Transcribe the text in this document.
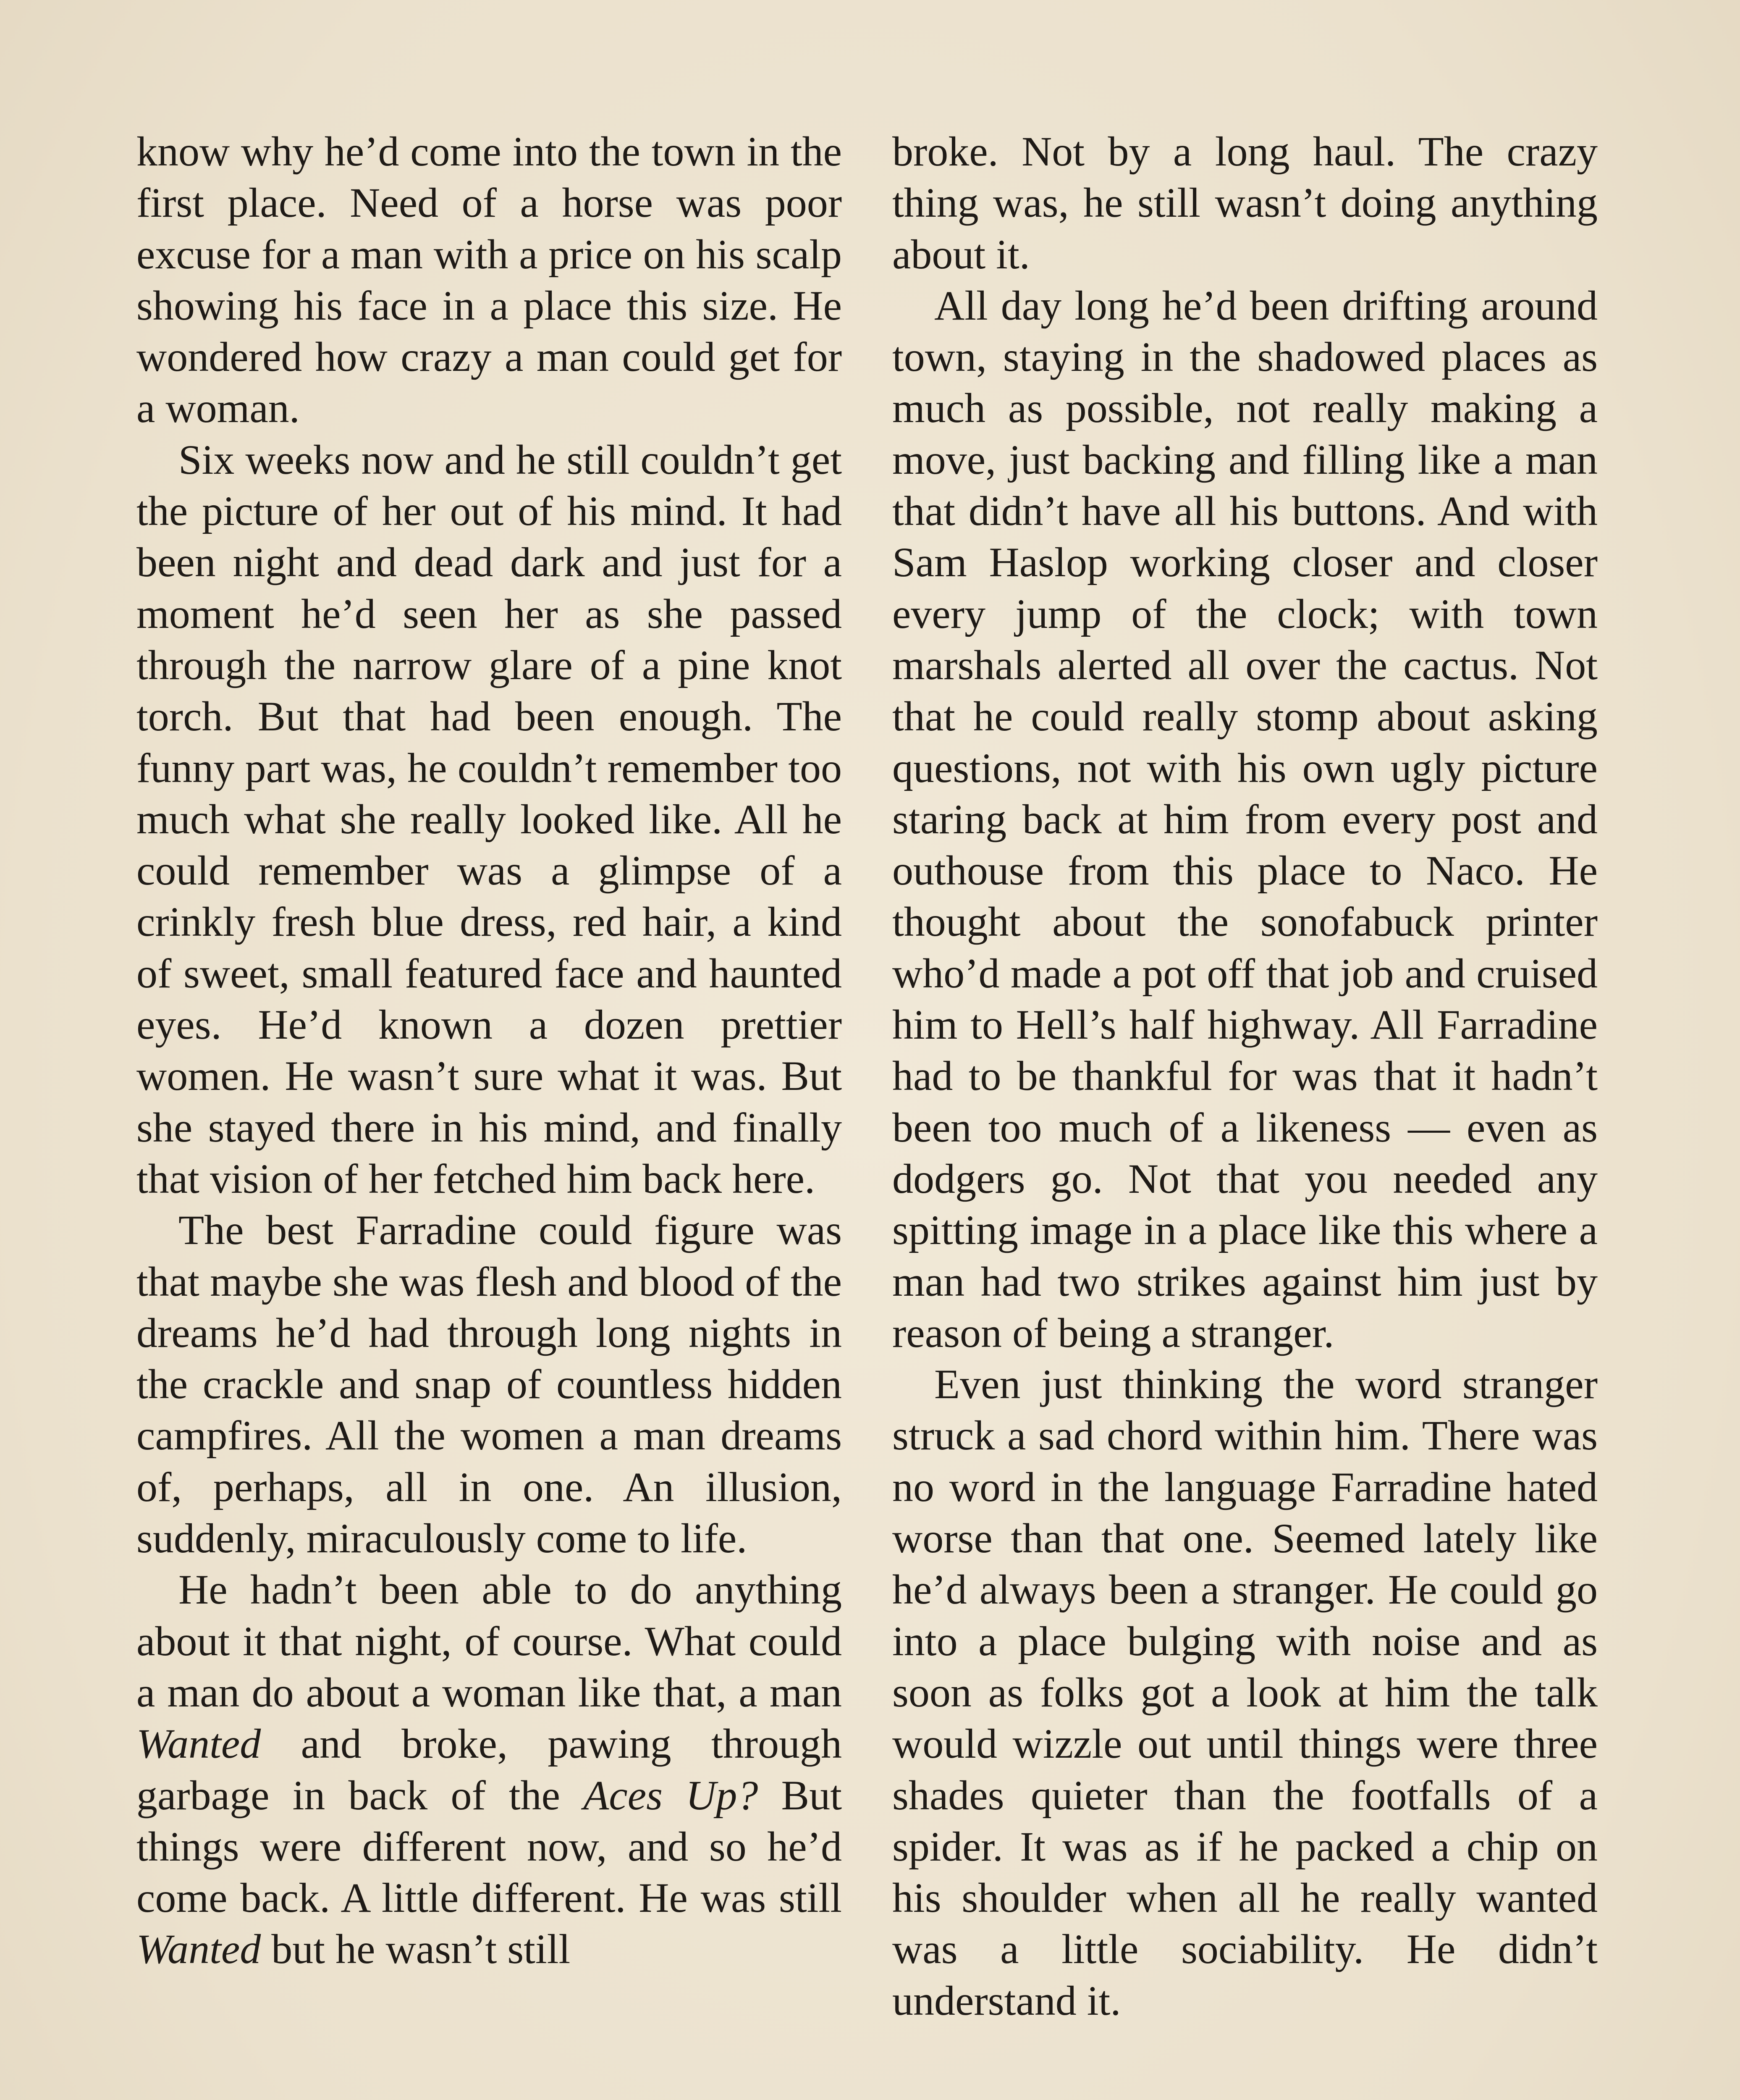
know why he’d come into the town in the first place. Need of a horse was poor excuse for a man with a price on his scalp showing his face in a place this size. He wondered how crazy a man could get for a woman.

Six weeks now and he still couldn’t get the picture of her out of his mind. It had been night and dead dark and just for a moment he’d seen her as she passed through the narrow glare of a pine knot torch. But that had been enough. The funny part was, he couldn’t remember too much what she really looked like. All he could remember was a glimpse of a crinkly fresh blue dress, red hair, a kind of sweet, small featured face and haunted eyes. He’d known a dozen prettier women. He wasn’t sure what it was. But she stayed there in his mind, and finally that vision of her fetched him back here.

The best Farradine could figure was that maybe she was flesh and blood of the dreams he’d had through long nights in the crackle and snap of countless hidden campfires. All the women a man dreams of, perhaps, all in one. An illusion, suddenly, miraculously come to life.

He hadn’t been able to do anything about it that night, of course. What could a man do about a woman like that, a man Wanted and broke, pawing through garbage in back of the Aces Up? But things were different now, and so he’d come back. A little different. He was still Wanted but he wasn’t still

broke. Not by a long haul. The crazy thing was, he still wasn’t doing anything about it.

All day long he’d been drifting around town, staying in the shadowed places as much as possible, not really making a move, just backing and filling like a man that didn’t have all his buttons. And with Sam Haslop working closer and closer every jump of the clock; with town marshals alerted all over the cactus. Not that he could really stomp about asking questions, not with his own ugly picture staring back at him from every post and outhouse from this place to Naco. He thought about the sonofabuck printer who’d made a pot off that job and cruised him to Hell’s half highway. All Farradine had to be thankful for was that it hadn’t been too much of a likeness — even as dodgers go. Not that you needed any spitting image in a place like this where a man had two strikes against him just by reason of being a stranger.

Even just thinking the word stranger struck a sad chord within him. There was no word in the language Farradine hated worse than that one. Seemed lately like he’d always been a stranger. He could go into a place bulging with noise and as soon as folks got a look at him the talk would wizzle out until things were three shades quieter than the footfalls of a spider. It was as if he packed a chip on his shoulder when all he really wanted was a little sociability. He didn’t understand it.
